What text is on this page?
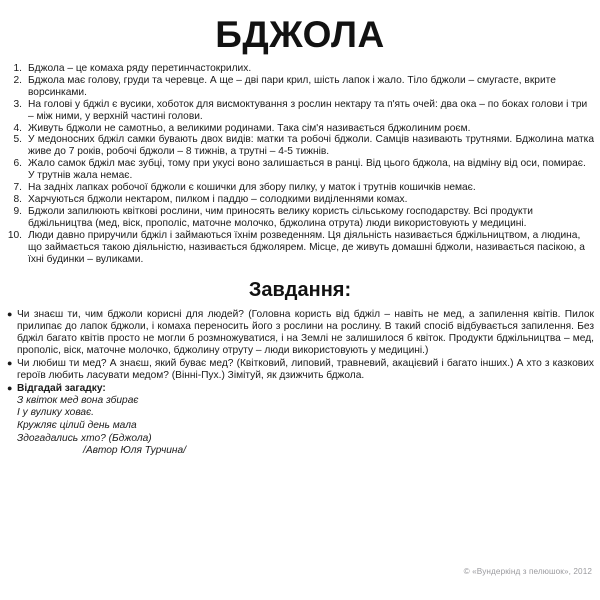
БДЖОЛА
1. Бджола – це комаха ряду перетинчастокрилих.
2. Бджола має голову, груди та черевце. А ще – дві пари крил, шість лапок і жало. Тіло бджоли – смугасте, вкрите ворсинками.
3. На голові у бджіл є вусики, хоботок для висмоктування з рослин нектару та п'ять очей: два ока – по боках голови і три – між ними, у верхній частині голови.
4. Живуть бджоли не самотньо, а великими родинами. Така сім'я називається бджолиним роєм.
5. У медоносних бджіл самки бувають двох видів: матки та робочі бджоли. Самців називають трутнями. Бджолина матка живе до 7 років, робочі бджоли – 8 тижнів, а трутні – 4-5 тижнів.
6. Жало самок бджіл має зубці, тому при укусі воно залишається в ранці. Від цього бджола, на відміну від оси, помирає. У трутнів жала немає.
7. На задніх лапках робочої бджоли є кошички для збору пилку, у маток і трутнів кошичків немає.
8. Харчуються бджоли нектаром, пилком і паддю – солодкими виділеннями комах.
9. Бджоли запилюють квіткові рослини, чим приносять велику користь сільському господарству. Всі продукти бджільництва (мед, віск, прополіс, маточне молочко, бджолина отрута) люди використовують у медицині.
10. Люди давно приручили бджіл і займаються їхнім розведенням. Ця діяльність називається бджільництвом, а людина, що займається такою діяльністю, називається бджолярем. Місце, де живуть домашні бджоли, називається пасікою, а їхні будинки – вуликами.
Завдання:
● Чи знаєш ти, чим бджоли корисні для людей? (Головна користь від бджіл – навіть не мед, а запилення квітів. Пилок прилипає до лапок бджоли, і комаха переносить його з рослини на рослину. В такий спосіб відбувається запилення. Без бджіл багато квітів просто не могли б розмножуватися, і на Землі не залишилося б квіток. Продукти бджільництва – мед, прополіс, віск, маточне молочко, бджолину отруту – люди використовують у медицині.)
● Чи любиш ти мед? А знаєш, який буває мед? (Квітковий, липовий, травневий, акацієвий і багато інших.) А хто з казкових героїв любить ласувати медом? (Вінні-Пух.) Зімітуй, як дзижчить бджола.
● Відгадай загадку:
З квіток мед вона збирає
І у вулику ховає.
Кружляє цілий день мала
Здогадались хто? (Бджола)
/Автор Юля Турчина/
© «Вундеркінд з пелюшок», 2012
